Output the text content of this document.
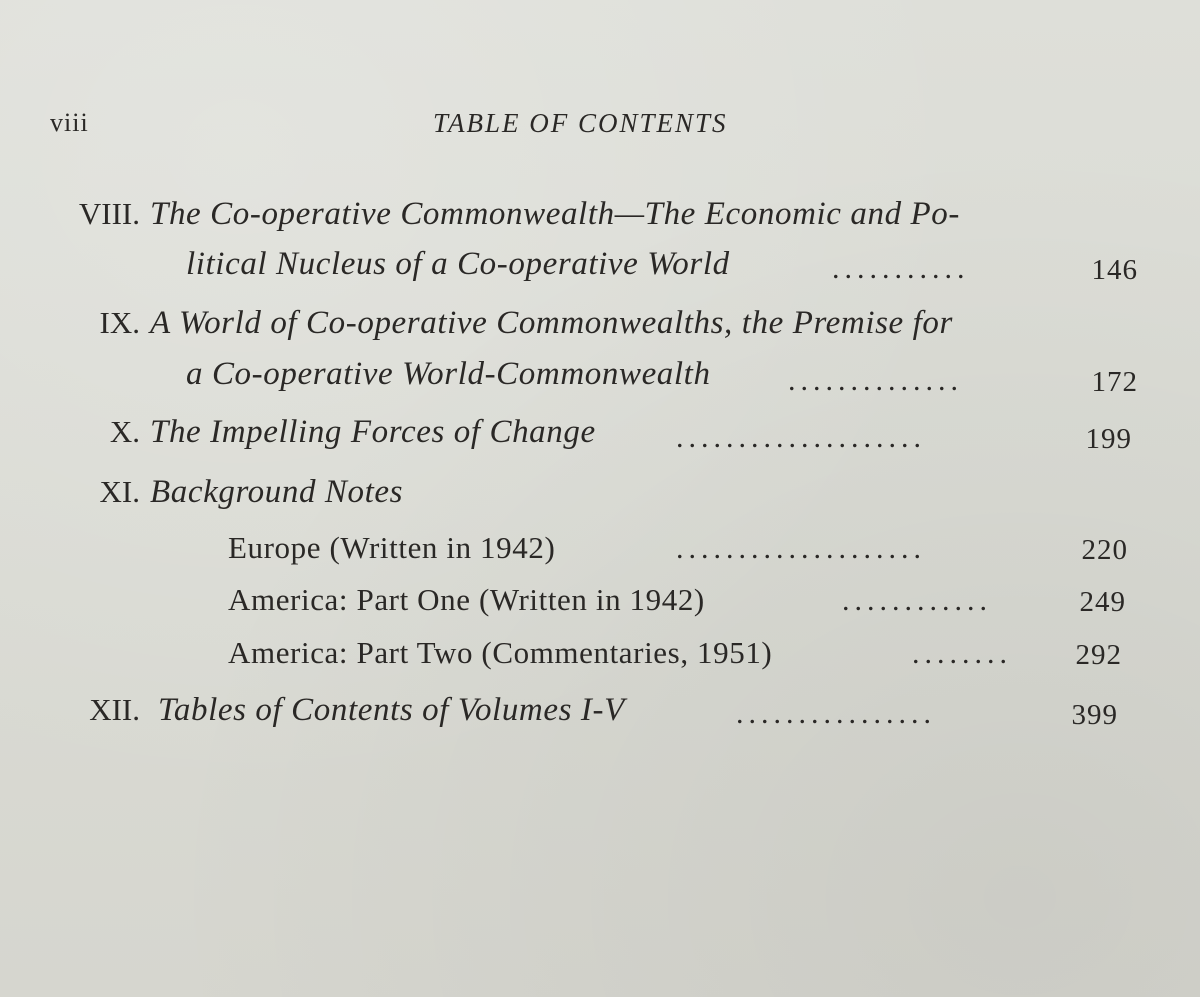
viii	TABLE OF CONTENTS
VIII. The Co-operative Commonwealth—The Economic and Po-
litical Nucleus of a Co-operative World	...........	146
IX. A World of Co-operative Commonwealths, the Premise for
a Co-operative World-Commonwealth	..............	172
X. The Impelling Forces of Change	....................	199
XI. Background Notes
Europe (Written in 1942)	....................	220
America: Part One (Written in 1942)	............	249
America: Part Two (Commentaries, 1951)	........	292
XII. Tables of Contents of Volumes I-V	................	399
